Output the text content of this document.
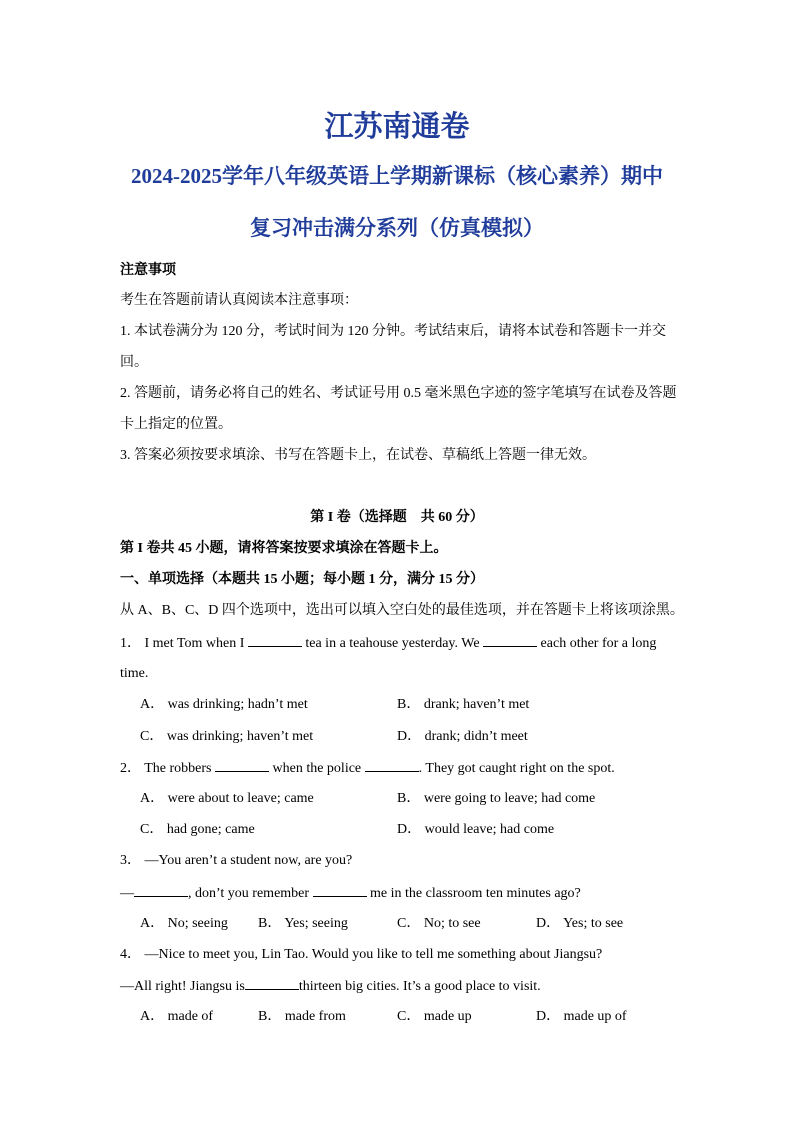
江苏南通卷
2024-2025学年八年级英语上学期新课标（核心素养）期中
复习冲击满分系列（仿真模拟）
注意事项
考生在答题前请认真阅读本注意事项：
1. 本试卷满分为 120 分，考试时间为 120 分钟。考试结束后，请将本试卷和答题卡一并交
回。
2. 答题前，请务必将自己的姓名、考试证号用 0.5 毫米黑色字迹的签字笔填写在试卷及答题
卡上指定的位置。
3. 答案必须按要求填涂、书写在答题卡上，在试卷、草稿纸上答题一律无效。
第 I 卷（选择题　共 60 分）
第 I 卷共 45 小题，请将答案按要求填涂在答题卡上。
一、单项选择（本题共 15 小题；每小题 1 分，满分 15 分）
从 A、B、C、D 四个选项中，选出可以填入空白处的最佳选项，并在答题卡上将该项涂黑。
1． I met Tom when I	tea in a teahouse yesterday. We	each other for a long
time.
A． was drinking; hadn’t met	B． drank; haven’t met
C． was drinking; haven’t met	D． drank; didn’t meet
2． The robbers	when the police	. They got caught right on the spot.
A． were about to leave; came	B． were going to leave; had come
C． had gone; came	D． would leave; had come
3． —You aren’t a student now, are you?
—	, don’t you remember	me in the classroom ten minutes ago?
A． No; seeing B． Yes; seeing	C． No; to see	D． Yes; to see
4． —Nice to meet you, Lin Tao. Would you like to tell me something about Jiangsu?
—All right! Jiangsu is	thirteen big cities. It’s a good place to visit.
A． made of	B． made from	C． made up	D． made up of
